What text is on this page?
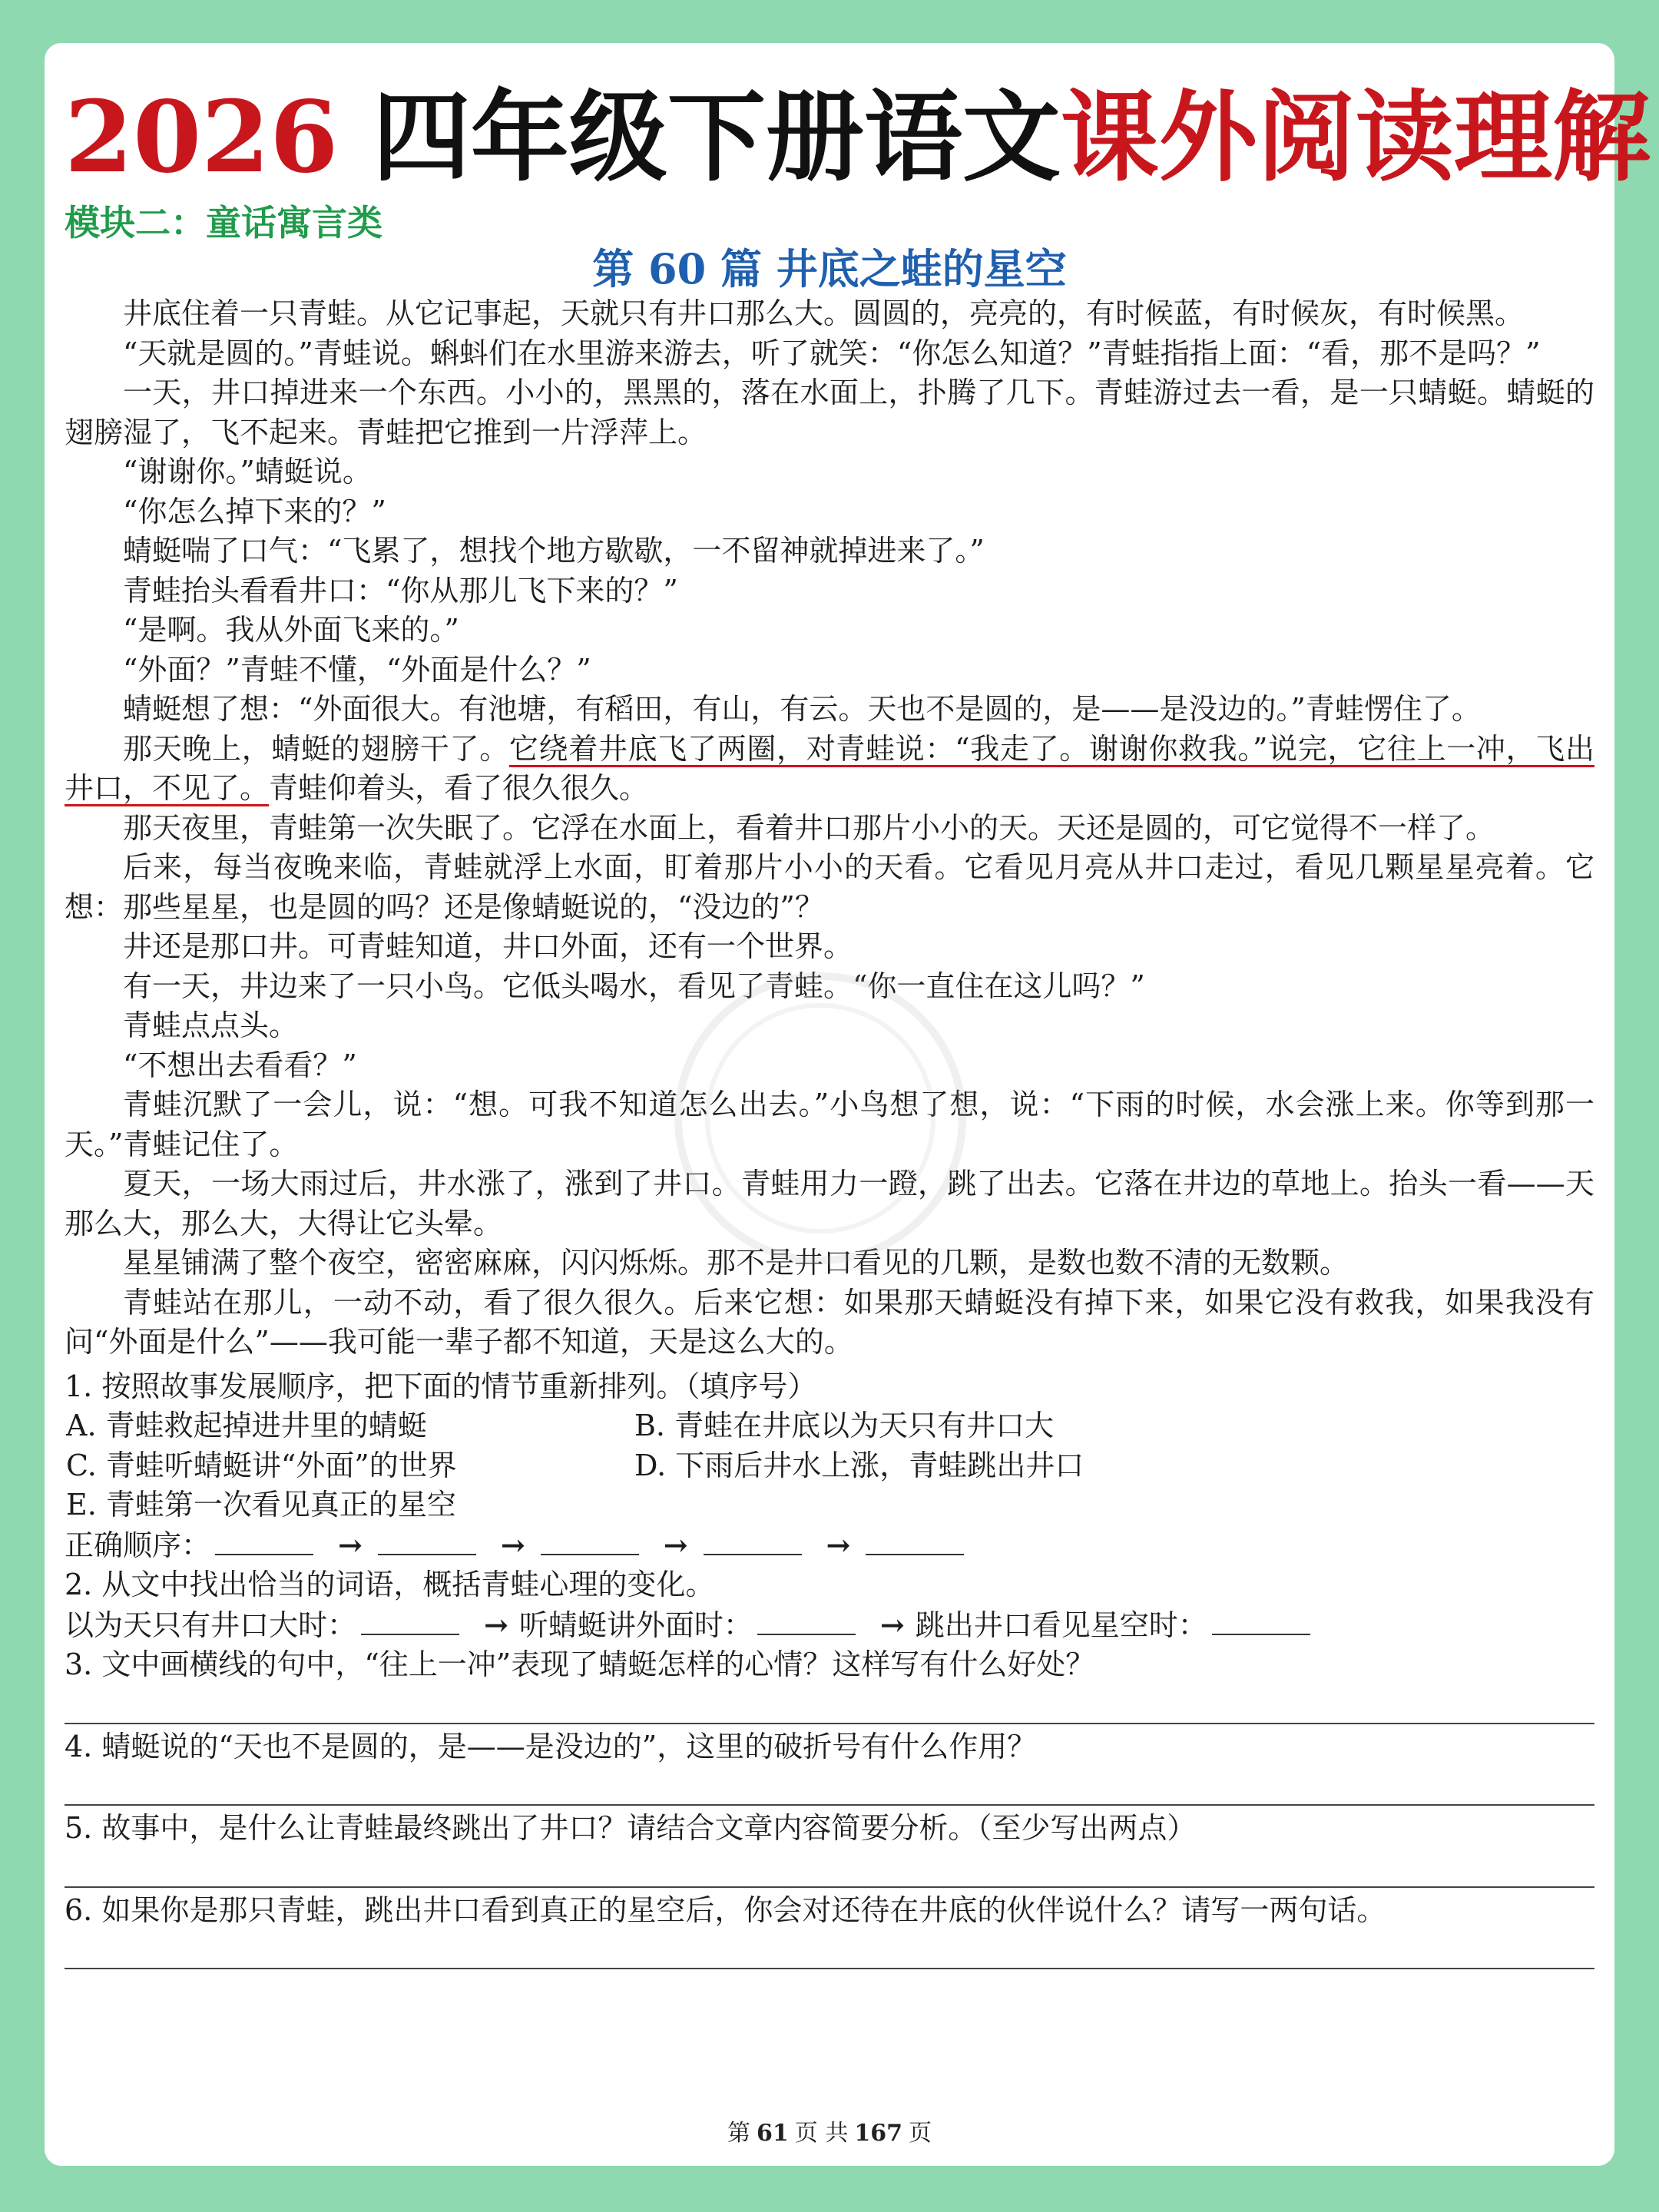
2026 四年级下册语文课外阅读理解
模块二：童话寓言类
第 60 篇 井底之蛙的星空

井底住着一只青蛙。从它记事起，天就只有井口那么大。圆圆的，亮亮的，有时候蓝，有时候灰，有时候黑。

“天就是圆的。”青蛙说。蝌蚪们在水里游来游去，听了就笑：“你怎么知道？”青蛙指指上面：“看，那不是吗？”

一天，井口掉进来一个东西。小小的，黑黑的，落在水面上，扑腾了几下。青蛙游过去一看，是一只蜻蜓。蜻蜓的翅膀湿了，飞不起来。青蛙把它推到一片浮萍上。

“谢谢你。”蜻蜓说。

“你怎么掉下来的？”

蜻蜓喘了口气：“飞累了，想找个地方歇歇，一不留神就掉进来了。”

青蛙抬头看看井口：“你从那儿飞下来的？”

“是啊。我从外面飞来的。”

“外面？”青蛙不懂，“外面是什么？”

蜻蜓想了想：“外面很大。有池塘，有稻田，有山，有云。天也不是圆的，是——是没边的。”青蛙愣住了。

那天晚上，蜻蜓的翅膀干了。它绕着井底飞了两圈，对青蛙说：“我走了。谢谢你救我。”说完，它往上一冲，飞出井口，不见了。青蛙仰着头，看了很久很久。

那天夜里，青蛙第一次失眠了。它浮在水面上，看着井口那片小小的天。天还是圆的，可它觉得不一样了。

后来，每当夜晚来临，青蛙就浮上水面，盯着那片小小的天看。它看见月亮从井口走过，看见几颗星星亮着。它想：那些星星，也是圆的吗？还是像蜻蜓说的，“没边的”？

井还是那口井。可青蛙知道，井口外面，还有一个世界。

有一天，井边来了一只小鸟。它低头喝水，看见了青蛙。“你一直住在这儿吗？”

青蛙点点头。

“不想出去看看？”

青蛙沉默了一会儿，说：“想。可我不知道怎么出去。”小鸟想了想，说：“下雨的时候，水会涨上来。你等到那一天。”青蛙记住了。

夏天，一场大雨过后，井水涨了，涨到了井口。青蛙用力一蹬，跳了出去。它落在井边的草地上。抬头一看——天那么大，那么大，大得让它头晕。

星星铺满了整个夜空，密密麻麻，闪闪烁烁。那不是井口看见的几颗，是数也数不清的无数颗。

青蛙站在那儿，一动不动，看了很久很久。后来它想：如果那天蜻蜓没有掉下来，如果它没有救我，如果我没有问“外面是什么”——我可能一辈子都不知道，天是这么大的。

1. 按照故事发展顺序，把下面的情节重新排列。（填序号）

A. 青蛙救起掉进井里的蜻蜓	B. 青蛙在井底以为天只有井口大
C. 青蛙听蜻蜓讲“外面”的世界	D. 下雨后井水上涨，青蛙跳出井口
E. 青蛙第一次看见真正的星空

正确顺序：	→	→	→	→

2. 从文中找出恰当的词语，概括青蛙心理的变化。

以为天只有井口大时：	→ 听蜻蜓讲外面时：	→ 跳出井口看见星空时：

3. 文中画横线的句中，“往上一冲”表现了蜻蜓怎样的心情？这样写有什么好处？

4. 蜻蜓说的“天也不是圆的，是——是没边的”，这里的破折号有什么作用？

5. 故事中，是什么让青蛙最终跳出了井口？请结合文章内容简要分析。（至少写出两点）

6. 如果你是那只青蛙，跳出井口看到真正的星空后，你会对还待在井底的伙伴说什么？请写一两句话。

第 61 页 共 167 页
